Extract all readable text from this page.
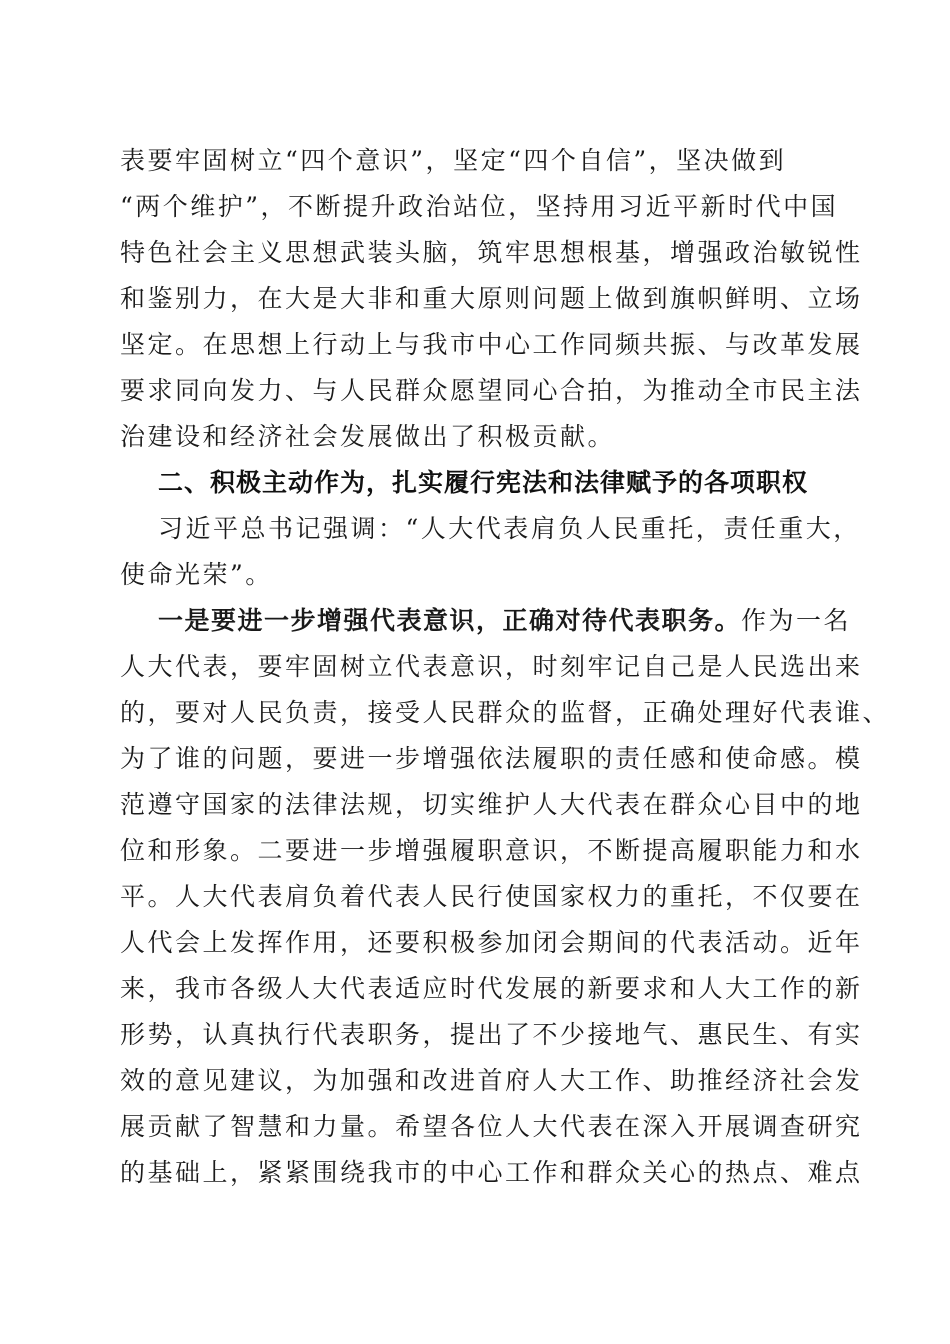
表要牢固树立“四个意识”，坚定“四个自信”，坚决做到
“两个维护”，不断提升政治站位，坚持用习近平新时代中国
特色社会主义思想武装头脑，筑牢思想根基，增强政治敏锐性
和鉴别力，在大是大非和重大原则问题上做到旗帜鲜明、立场
坚定。在思想上行动上与我市中心工作同频共振、与改革发展
要求同向发力、与人民群众愿望同心合拍，为推动全市民主法
治建设和经济社会发展做出了积极贡献。
二、积极主动作为，扎实履行宪法和法律赋予的各项职权
习近平总书记强调：“人大代表肩负人民重托，责任重大，
使命光荣”。
一是要进一步增强代表意识，正确对待代表职务。作为一名
人大代表，要牢固树立代表意识，时刻牢记自己是人民选出来
的，要对人民负责，接受人民群众的监督，正确处理好代表谁、
为了谁的问题，要进一步增强依法履职的责任感和使命感。模
范遵守国家的法律法规，切实维护人大代表在群众心目中的地
位和形象。二要进一步增强履职意识，不断提高履职能力和水
平。人大代表肩负着代表人民行使国家权力的重托，不仅要在
人代会上发挥作用，还要积极参加闭会期间的代表活动。近年
来，我市各级人大代表适应时代发展的新要求和人大工作的新
形势，认真执行代表职务，提出了不少接地气、惠民生、有实
效的意见建议，为加强和改进首府人大工作、助推经济社会发
展贡献了智慧和力量。希望各位人大代表在深入开展调查研究
的基础上，紧紧围绕我市的中心工作和群众关心的热点、难点
